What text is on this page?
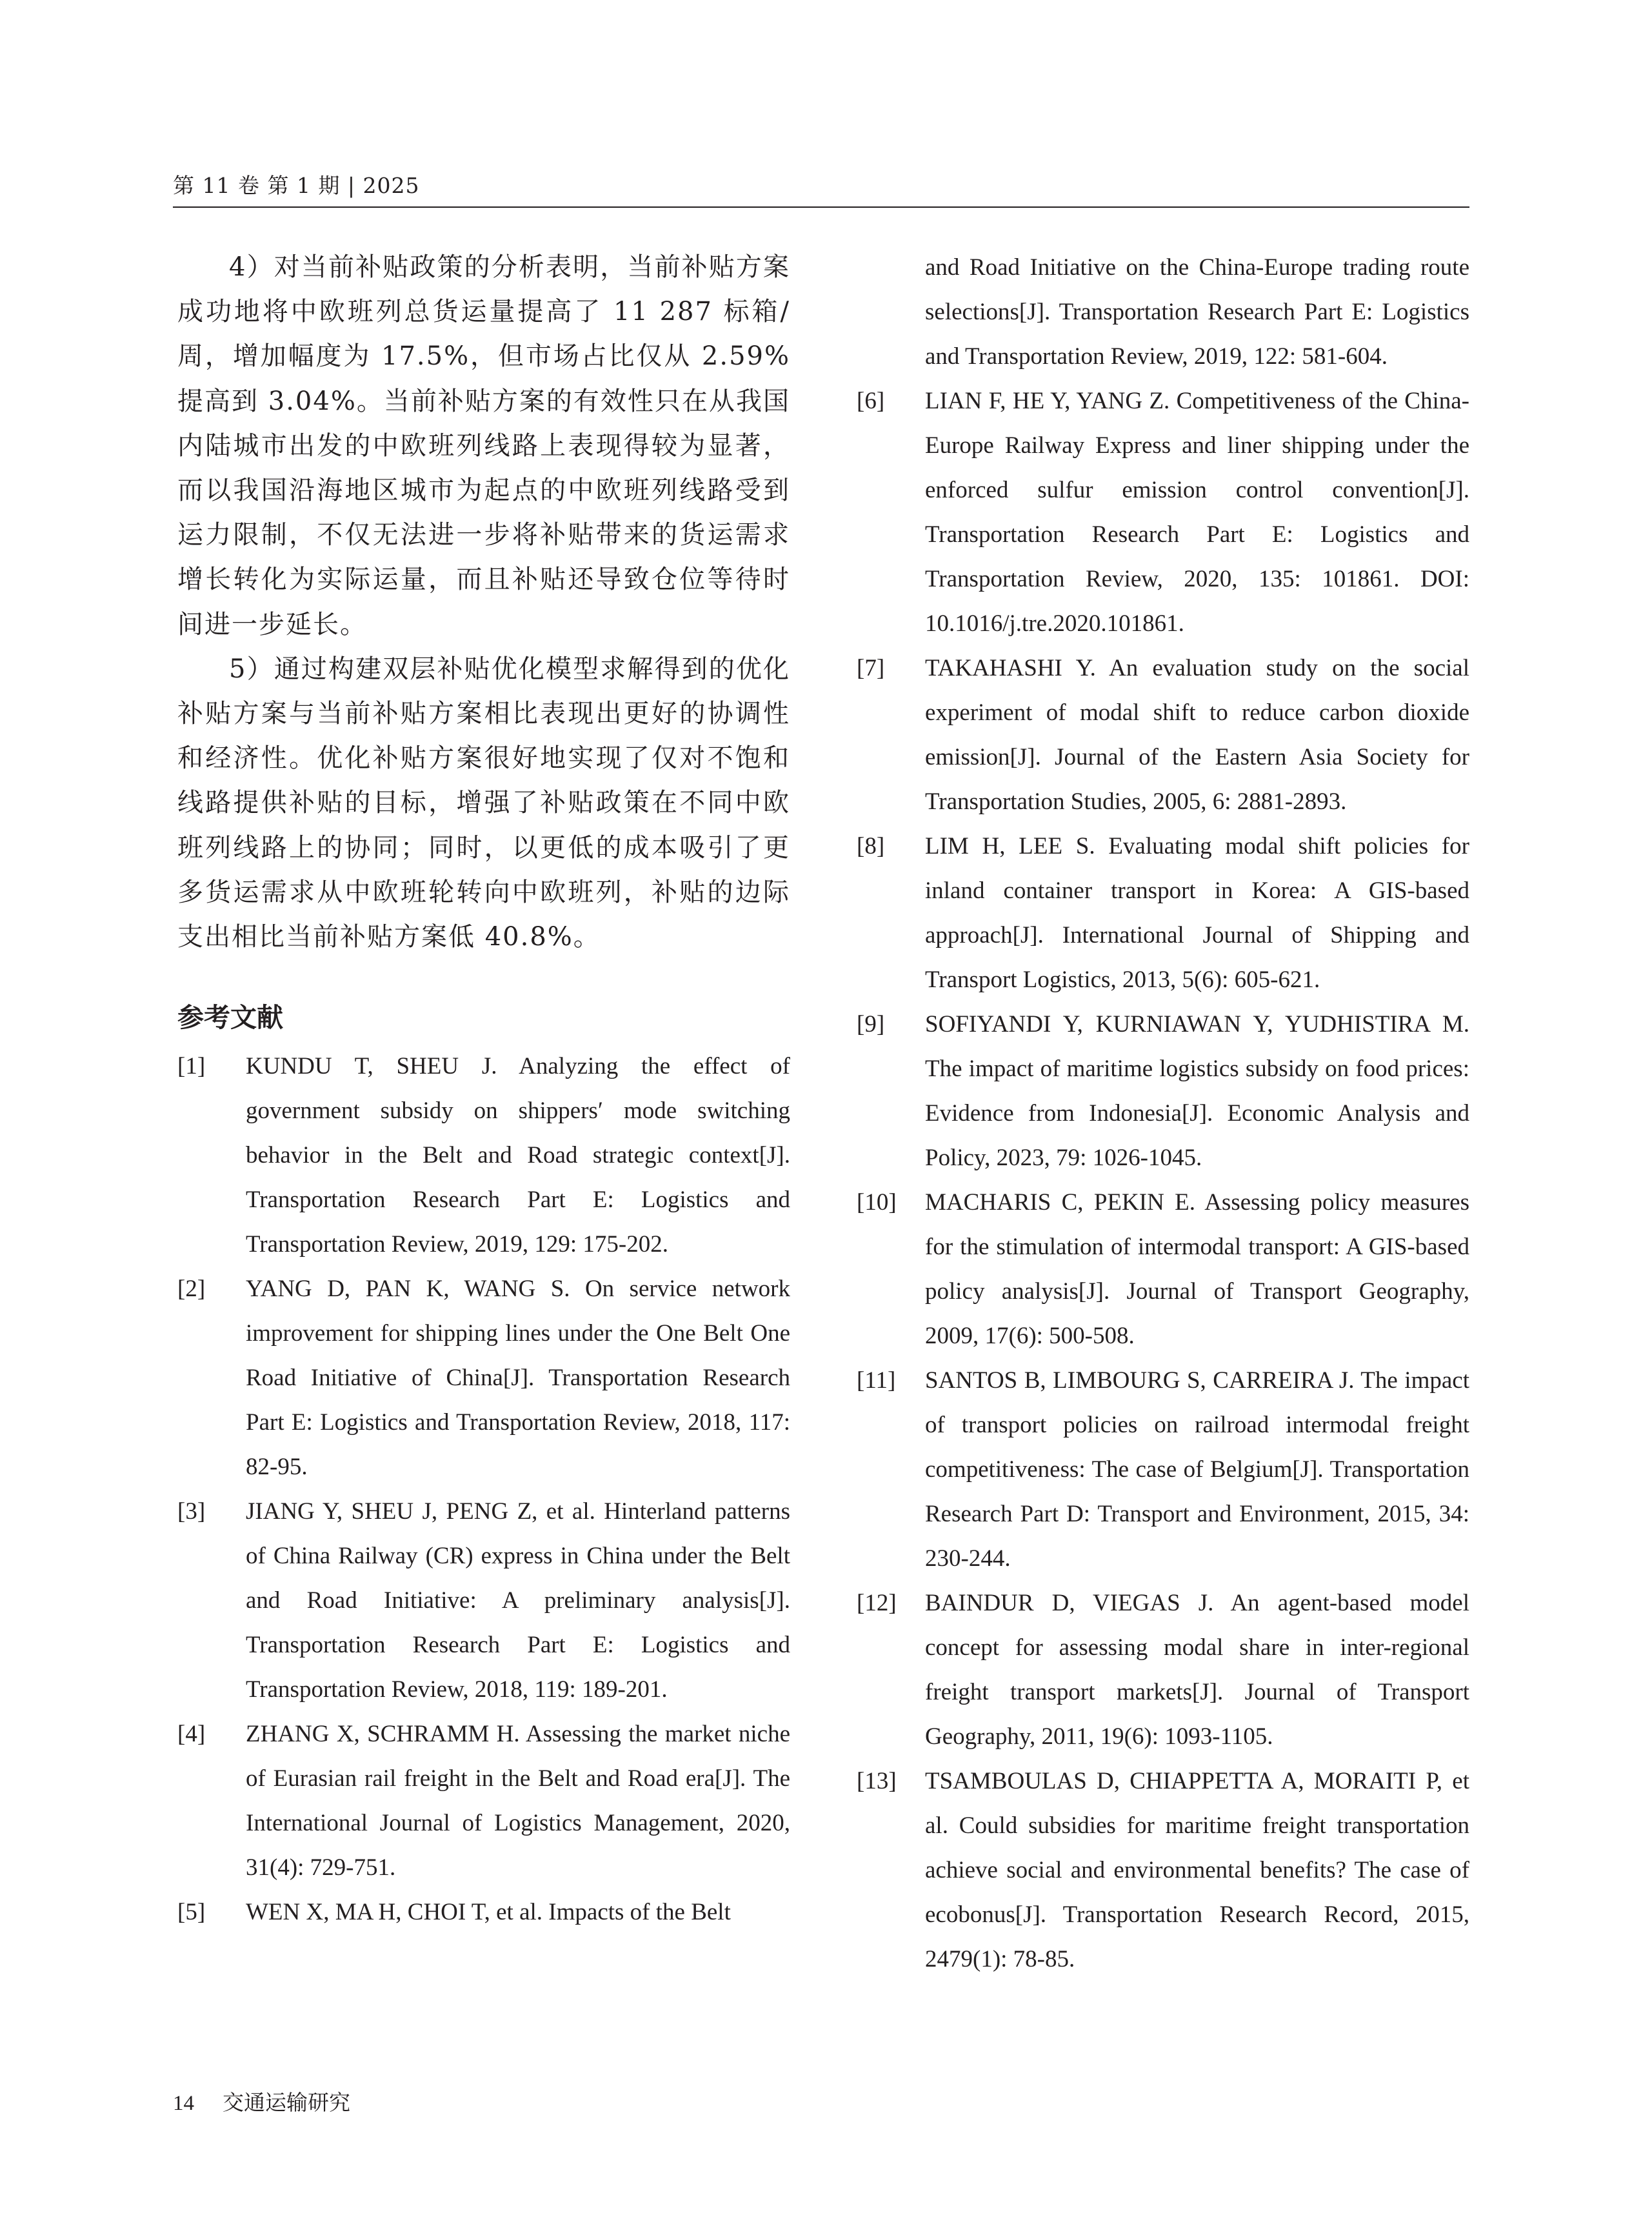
第 11 卷 第 1 期 | 2025

4）对当前补贴政策的分析表明，当前补贴方案成功地将中欧班列总货运量提高了 11 287 标箱/周，增加幅度为 17.5%，但市场占比仅从 2.59% 提高到 3.04%。当前补贴方案的有效性只在从我国内陆城市出发的中欧班列线路上表现得较为显著，而以我国沿海地区城市为起点的中欧班列线路受到运力限制，不仅无法进一步将补贴带来的货运需求增长转化为实际运量，而且补贴还导致仓位等待时间进一步延长。

5）通过构建双层补贴优化模型求解得到的优化补贴方案与当前补贴方案相比表现出更好的协调性和经济性。优化补贴方案很好地实现了仅对不饱和线路提供补贴的目标，增强了补贴政策在不同中欧班列线路上的协同；同时，以更低的成本吸引了更多货运需求从中欧班轮转向中欧班列，补贴的边际支出相比当前补贴方案低 40.8%。

参考文献
[1]	KUNDU T, SHEU J. Analyzing the effect of government subsidy on shippers′ mode switching behavior in the Belt and Road strategic context[J]. Transportation Research Part E: Logistics and Transportation Review, 2019, 129: 175-202.
[2]	YANG D, PAN K, WANG S. On service network improvement for shipping lines under the One Belt One Road Initiative of China[J]. Transportation Research Part E: Logistics and Transportation Review, 2018, 117: 82-95.
[3]	JIANG Y, SHEU J, PENG Z, et al. Hinterland patterns of China Railway (CR) express in China under the Belt and Road Initiative: A preliminary analysis[J]. Transportation Research Part E: Logistics and Transportation Review, 2018, 119: 189-201.
[4]	ZHANG X, SCHRAMM H. Assessing the market niche of Eurasian rail freight in the Belt and Road era[J]. The International Journal of Logistics Management, 2020, 31(4): 729-751.
[5]	WEN X, MA H, CHOI T, et al. Impacts of the Belt
and Road Initiative on the China-Europe trading route selections[J]. Transportation Research Part E: Logistics and Transportation Review, 2019, 122: 581-604.
[6]	LIAN F, HE Y, YANG Z. Competitiveness of the China-Europe Railway Express and liner shipping under the enforced sulfur emission control convention[J]. Transportation Research Part E: Logistics and Transportation Review, 2020, 135: 101861. DOI: 10.1016/j.tre.2020.101861.
[7]	TAKAHASHI Y. An evaluation study on the social experiment of modal shift to reduce carbon dioxide emission[J]. Journal of the Eastern Asia Society for Transportation Studies, 2005, 6: 2881-2893.
[8]	LIM H, LEE S. Evaluating modal shift policies for inland container transport in Korea: A GIS-based approach[J]. International Journal of Shipping and Transport Logistics, 2013, 5(6): 605-621.
[9]	SOFIYANDI Y, KURNIAWAN Y, YUDHISTIRA M. The impact of maritime logistics subsidy on food prices: Evidence from Indonesia[J]. Economic Analysis and Policy, 2023, 79: 1026-1045.
[10]	MACHARIS C, PEKIN E. Assessing policy measures for the stimulation of intermodal transport: A GIS-based policy analysis[J]. Journal of Transport Geography, 2009, 17(6): 500-508.
[11]	SANTOS B, LIMBOURG S, CARREIRA J. The impact of transport policies on railroad intermodal freight competitiveness: The case of Belgium[J]. Transportation Research Part D: Transport and Environment, 2015, 34: 230-244.
[12]	BAINDUR D, VIEGAS J. An agent-based model concept for assessing modal share in inter-regional freight transport markets[J]. Journal of Transport Geography, 2011, 19(6): 1093-1105.
[13]	TSAMBOULAS D, CHIAPPETTA A, MORAITI P, et al. Could subsidies for maritime freight transportation achieve social and environmental benefits? The case of ecobonus[J]. Transportation Research Record, 2015, 2479(1): 78-85.
14 交通运输研究
